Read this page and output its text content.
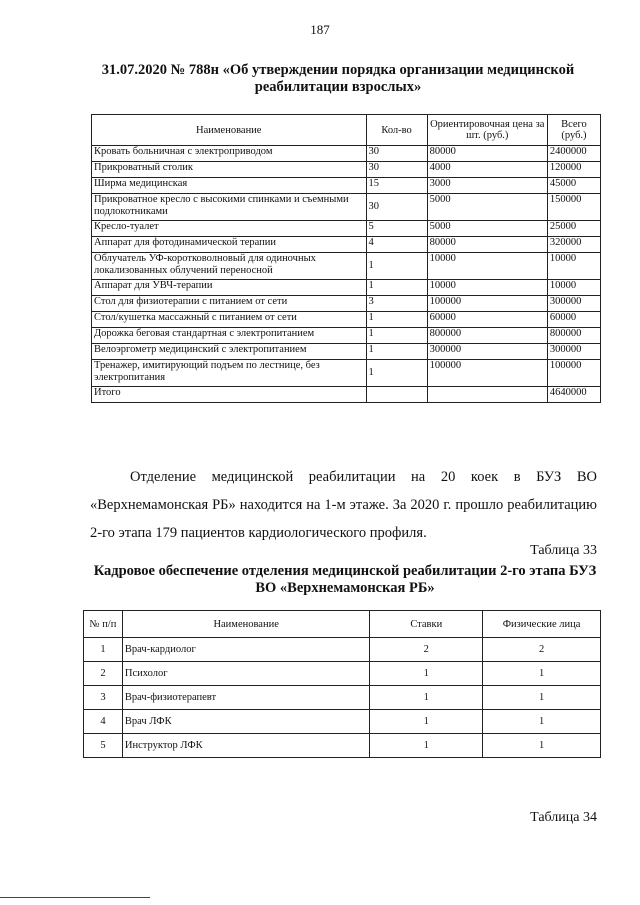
187
31.07.2020 № 788н «Об утверждении порядка организации медицинской реабилитации взрослых»
Наименование	Кол-во	Ориентировочная цена за шт. (руб.)	Всего (руб.)
Кровать больничная с электроприводом	30	80000	2400000
Прикроватный столик	30	4000	120000
Ширма медицинская	15	3000	45000
Прикроватное кресло с высокими спинками и съемными подлокотниками	30	5000	150000
Кресло-туалет	5	5000	25000
Аппарат для фотодинамической терапии	4	80000	320000
Облучатель УФ-коротковолновый для одиночных локализованных облучений переносной	1	10000	10000
Аппарат для УВЧ-терапии	1	10000	10000
Стол для физиотерапии с питанием от сети	3	100000	300000
Стол/кушетка массажный с питанием от сети	1	60000	60000
Дорожка беговая стандартная с электропитанием	1	800000	800000
Велоэргометр медицинский с электропитанием	1	300000	300000
Тренажер, имитирующий подъем по лестнице, без электропитания	1	100000	100000
Итого			4640000
Отделение медицинской реабилитации на 20 коек в БУЗ ВО «Верхнемамонская РБ» находится на 1-м этаже. За 2020 г. прошло реабилитацию 2-го этапа 179 пациентов кардиологического профиля.
Таблица 33
Кадровое обеспечение отделения медицинской реабилитации 2-го этапа БУЗ ВО «Верхнемамонская РБ»
№ п/п	Наименование	Ставки	Физические лица
1	Врач-кардиолог	2	2
2	Психолог	1	1
3	Врач-физиотерапевт	1	1
4	Врач ЛФК	1	1
5	Инструктор ЛФК	1	1
Таблица 34
